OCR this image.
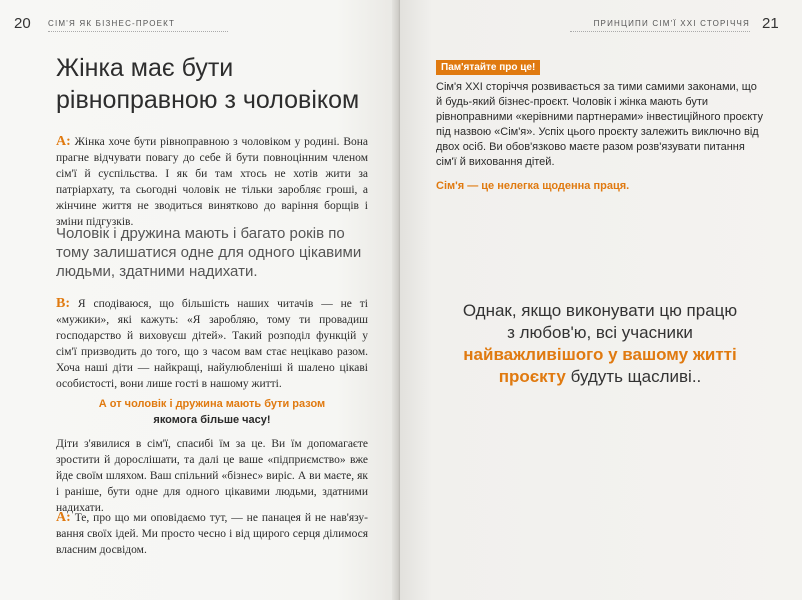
20 СІМ'Я ЯК БІЗНЕС-ПРОЕКТ
Жінка має бути
рівноправною з чоловіком

А: Жінка хоче бути рівноправною з чоловіком у родині. Вона прагне відчувати повагу до себе й бути повноцінним членом сім'ї й суспільства. І як би там хтось не хотів жити за патріархату, та сьогодні чоловік не тільки заробляє гроші, а жінчине життя не зводиться винятково до варіння борщів і зміни підгузків.

Чоловік і дружина мають і багато років по тому залишатися одне для одного цікавими людьми, здатними надихати.

В: Я сподіваюся, що більшість наших читачів — не ті «мужики», які кажуть: «Я заробляю, тому ти провадиш господарство й виховуєш дітей». Такий розподіл функцій у сім'ї призводить до того, що з часом вам стає нецікаво разом. Хоча наші діти — найкращі, найулюбленіші й шалено цікаві особистості, вони лише гості в нашому житті.

А от чоловік і дружина мають бути разом
якомога більше часу!

Діти з'явилися в сім'ї, спасибі їм за це. Ви їм допомагаєте зростити й дорослішати, та далі це ваше «підприємство» вже йде своїм шляхом. Ваш спільний «бізнес» виріс. А ви маєте, як і раніше, бути одне для одного цікавими людьми, здатними надихати.

А: Те, про що ми оповідаємо тут, — не панацея й не нав'язування своїх ідей. Ми просто чесно і від щирого серця ділимося власним досвідом.

ПРИНЦИПИ СІМ'Ї XXI СТОРІЧЧЯ 21
Пам'ятайте про це!

Сім'я XXI сторіччя розвивається за тими самими законами, що й будь-який бізнес-проєкт. Чоловік і жінка мають бути рівноправними «керівними партнерами» інвестиційного проєкту під назвою «Сім'я». Успіх цього проєкту залежить виключно від двох осіб. Ви обов'язково маєте разом розв'язувати питання сім'ї й виховання дітей.

Сім'я — це нелегка щоденна праця.

Однак, якщо виконувати цю працю
з любов'ю, всі учасники
найважливішого у вашому житті
проєкту будуть щасливі..
